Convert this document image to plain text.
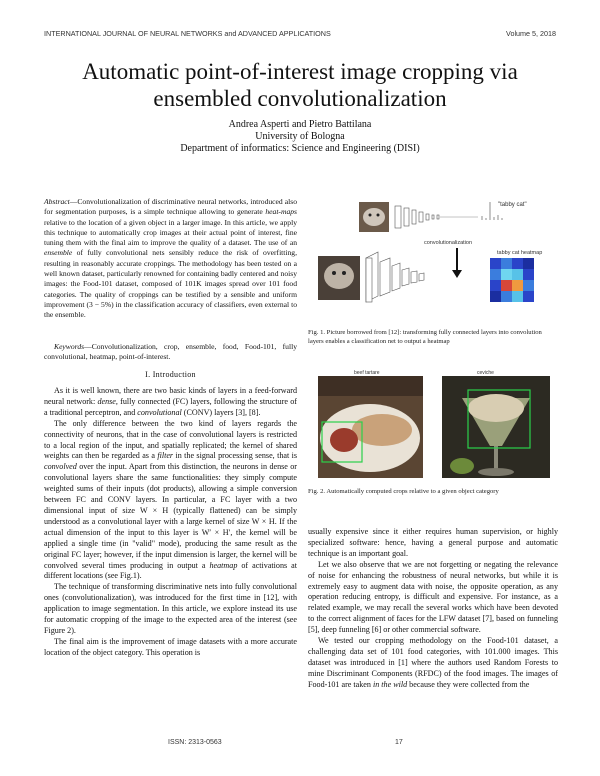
INTERNATIONAL JOURNAL OF NEURAL NETWORKS and ADVANCED APPLICATIONS	Volume 5, 2018
Automatic point-of-interest image cropping via
ensembled convolutionalization
Andrea Asperti and Pietro Battilana
University of Bologna
Department of informatics: Science and Engineering (DISI)
Abstract—Convolutionalization of discriminative neural networks, introduced also for segmentation purposes, is a simple technique allowing to generate heat-maps relative to the location of a given object in a larger image. In this article, we apply this technique to automatically crop images at their actual point of interest, fine tuning them with the final aim to improve the quality of a dataset. The use of an ensemble of fully convolutional nets sensibly reduce the risk of overfitting, resulting in reasonably accurate croppings. The methodology has been tested on a well known dataset, particularly renowned for containing badly centered and noisy images: the Food-101 dataset, composed of 101K images spread over 101 food categories. The quality of croppings can be testified by a sensible and uniform improvement (3 − 5%) in the classification accuracy of classifiers, even external to the ensemble.
Keywords—Convolutionalization, crop, ensemble, food, Food-101, fully convolutional, heatmap, point-of-interest.
I. Introduction

As it is well known, there are two basic kinds of layers in a feed-forward neural network: dense, fully connected (FC) layers, following the structure of a traditional perceptron, and convolutional (CONV) layers [3], [8].

The only difference between the two kind of layers regards the connectivity of neurons, that in the case of convolutional layers is restricted to a local region of the input, and spatially replicated; the kernel of shared weights can then be regarded as a filter in the signal processing sense, that is convolved over the input. Apart from this distinction, the neurons in dense or convolutional layers share the same functionalities: they simply compute weighted sums of their inputs (dot products), allowing a simple conversion between FC and CONV layers. In particular, a FC layer with a two dimensional input of size W × H (typically flattened) can be simply understood as a convolutional layer with a large kernel of size W × H. If the actual dimension of the input to this layer is W′ × H′, the kernel will be applied a single time (in "valid" mode), producing the same result as the original FC layer; however, if the input dimension is larger, the kernel will be convolved several times producing in output a heatmap of activations at different locations (see Fig.1).

The technique of transforming discriminative nets into fully convolutional ones (convolutionalization), was introduced for the first time in [12], with application to image segmentation. In this article, we explore instead its use for automatic cropping of the image to the expected area of the interest (see Figure 2).

The final aim is the improvement of image datasets with a more accurate location of the object category. This operation is

"tabby cat"
convolutionalization
tabby cat heatmap
Fig. 1. Picture borrowed from [12]: transforming fully connected layers into convolution layers enables a classification net to output a heatmap
beef tartare	ceviche
Fig. 2. Automatically computed crops relative to a given object category

usually expensive since it either requires human supervision, or highly specialized software: hence, having a general purpose and automatic technique is an important goal.

Let we also observe that we are not forgetting or negating the relevance of noise for enhancing the robustness of neural networks, but while it is extremely easy to augment data with noise, the opposite operation, as any operation reducing entropy, is difficult and expensive. For instance, as a related example, we may recall the several works which have been devoted to the correct alignment of faces for the LFW dataset [7], based on funneling [5], deep funneling [6] or other commercial software.

We tested our cropping methodology on the Food-101 dataset, a challenging data set of 101 food categories, with 101.000 images. This dataset was introduced in [1] where the authors used Random Forests to mine Discriminant Components (RFDC) of the food images. The images of Food-101 are taken in the wild because they were collected from the

ISSN: 2313-0563	17
